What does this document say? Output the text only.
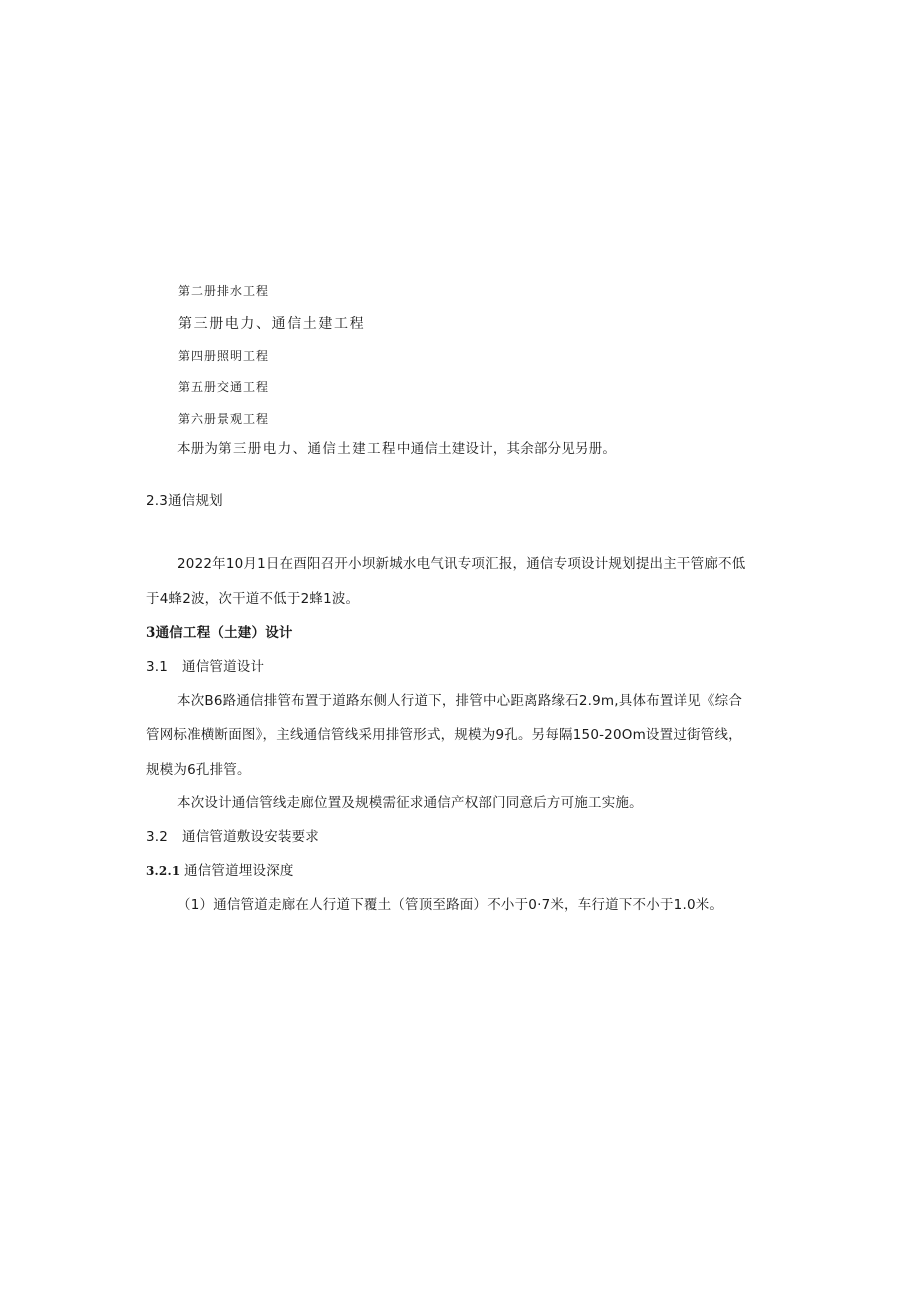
第二册排水工程
第三册电力、通信土建工程
第四册照明工程
第五册交通工程
第六册景观工程
本册为第三册电力、通信土建工程中通信土建设计，其余部分见另册。
2.3通信规划
2022年10月1日在酉阳召开小坝新城水电气讯专项汇报，通信专项设计规划提出主干管廊不低
于4蜂2波，次干道不低于2蜂1波。
3通信工程（土建）设计
3.1 通信管道设计
本次B6路通信排管布置于道路东侧人行道下，排管中心距离路缘石2.9m,具体布置详见《综合
管网标准横断面图》，主线通信管线采用排管形式，规模为9孔。另每隔150-20Om设置过街管线，
规模为6孔排管。
本次设计通信管线走廊位置及规模需征求通信产权部门同意后方可施工实施。
3.2 通信管道敷设安装要求
3.2.1 通信管道埋设深度
（1）通信管道走廊在人行道下覆土（管顶至路面）不小于0·7米，车行道下不小于1.0米。
